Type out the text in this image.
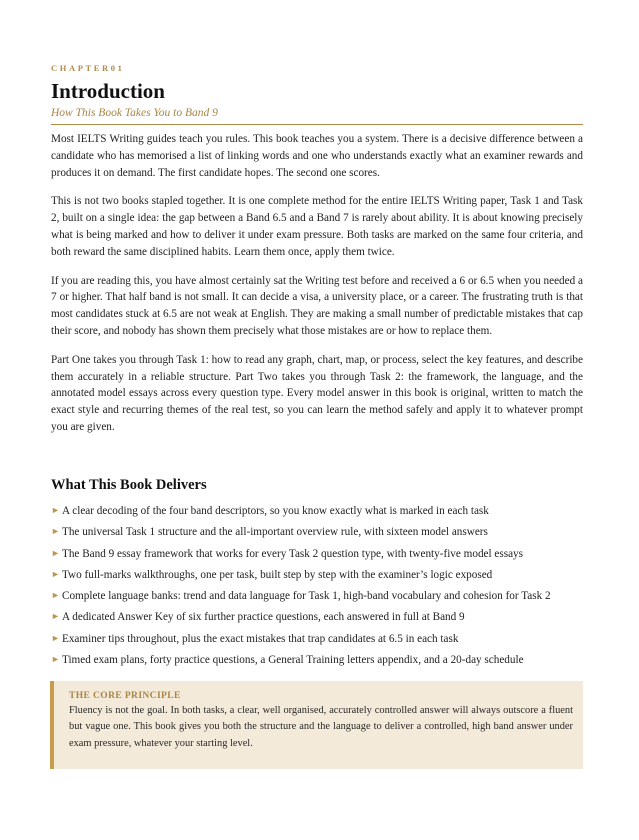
CHAPTER01
Introduction
How This Book Takes You to Band 9

Most IELTS Writing guides teach you rules. This book teaches you a system. There is a decisive difference between a candidate who has memorised a list of linking words and one who understands exactly what an examiner rewards and produces it on demand. The first candidate hopes. The second one scores.

This is not two books stapled together. It is one complete method for the entire IELTS Writing paper, Task 1 and Task 2, built on a single idea: the gap between a Band 6.5 and a Band 7 is rarely about ability. It is about knowing precisely what is being marked and how to deliver it under exam pressure. Both tasks are marked on the same four criteria, and both reward the same disciplined habits. Learn them once, apply them twice.

If you are reading this, you have almost certainly sat the Writing test before and received a 6 or 6.5 when you needed a 7 or higher. That half band is not small. It can decide a visa, a university place, or a career. The frustrating truth is that most candidates stuck at 6.5 are not weak at English. They are making a small number of predictable mistakes that cap their score, and nobody has shown them precisely what those mistakes are or how to replace them.

Part One takes you through Task 1: how to read any graph, chart, map, or process, select the key features, and describe them accurately in a reliable structure. Part Two takes you through Task 2: the framework, the language, and the annotated model essays across every question type. Every model answer in this book is original, written to match the exact style and recurring themes of the real test, so you can learn the method safely and apply it to whatever prompt you are given.

What This Book Delivers
► A clear decoding of the four band descriptors, so you know exactly what is marked in each task
► The universal Task 1 structure and the all-important overview rule, with sixteen model answers
► The Band 9 essay framework that works for every Task 2 question type, with twenty-five model essays
► Two full-marks walkthroughs, one per task, built step by step with the examiner’s logic exposed
► Complete language banks: trend and data language for Task 1, high-band vocabulary and cohesion for Task 2
► A dedicated Answer Key of six further practice questions, each answered in full at Band 9
► Examiner tips throughout, plus the exact mistakes that trap candidates at 6.5 in each task
► Timed exam plans, forty practice questions, a General Training letters appendix, and a 20-day schedule
THE CORE PRINCIPLE

Fluency is not the goal. In both tasks, a clear, well organised, accurately controlled answer will always outscore a fluent but vague one. This book gives you both the structure and the language to deliver a controlled, high band answer under exam pressure, whatever your starting level.
